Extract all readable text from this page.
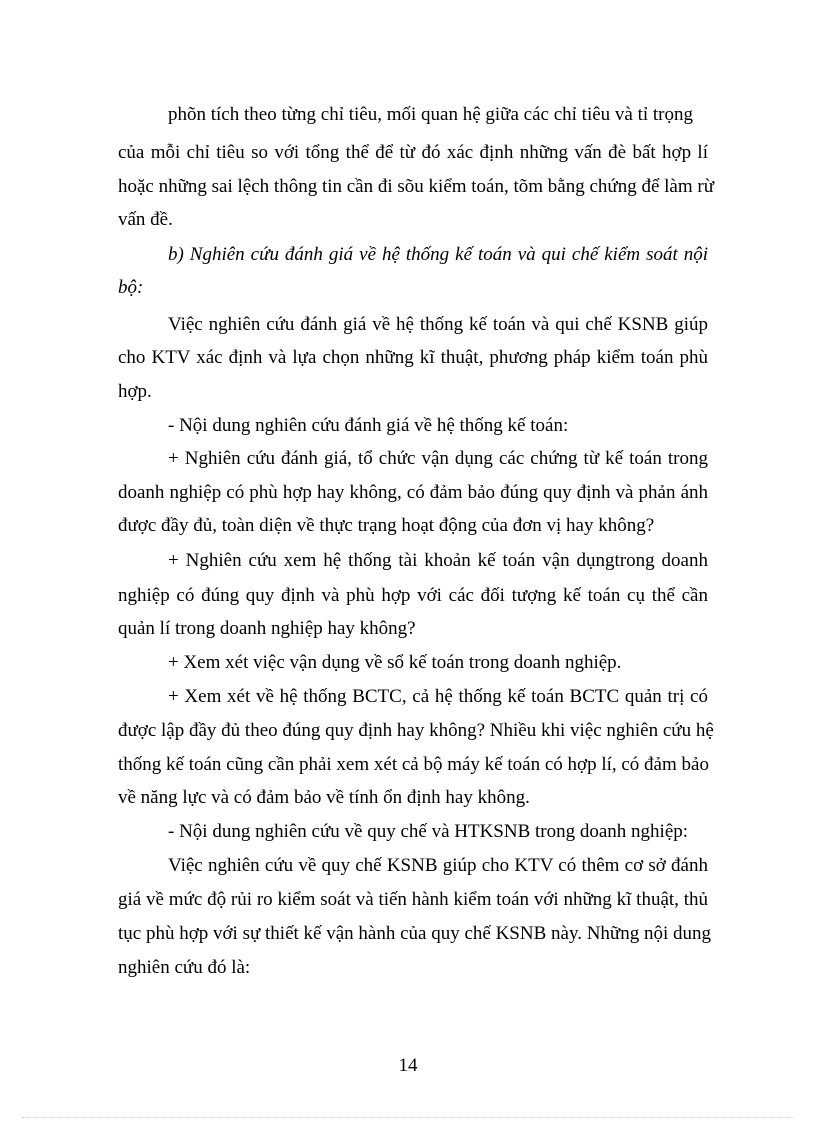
phõn tích theo từng chỉ tiêu, mối quan hệ giữa các chỉ tiêu và tỉ trọng
của mỗi chỉ tiêu so với tổng thể để từ đó xác định những vấn đè bất hợp lí
hoặc những sai lệch thông tin cần đi sõu kiểm toán, tõm bằng chứng để làm rừ
vấn đề.
b) Nghiên cứu đánh giá về hệ thống kế toán và qui chế kiểm soát nội
bộ:
Việc nghiên cứu đánh giá về hệ thống kế toán và qui chế KSNB giúp
cho KTV xác định và lựa chọn những kĩ thuật, phương pháp kiểm toán phù
hợp.
- Nội dung nghiên cứu đánh giá về hệ thống kế toán:
+ Nghiên cứu đánh giá, tổ chức vận dụng các chứng từ kế toán trong
doanh nghiệp có phù hợp hay không, có đảm bảo đúng quy định và phản ánh
được đầy đủ, toàn diện về thực trạng hoạt động của đơn vị hay không?
+ Nghiên cứu xem hệ thống tài khoản kế toán vận dụngtrong doanh
nghiệp có đúng quy định và phù hợp với các đối tượng kế toán cụ thể cần
quản lí trong doanh nghiệp hay không?
+ Xem xét việc vận dụng về sổ kế toán trong doanh nghiệp.
+ Xem xét về hệ thống BCTC, cả hệ thống kế toán BCTC quản trị có
được lập đầy đủ theo đúng quy định hay không? Nhiều khi việc nghiên cứu hệ
thống kế toán cũng cần phải xem xét cả bộ máy kế toán có hợp lí, có đảm bảo
về năng lực và có đảm bảo về tính ổn định hay không.
- Nội dung nghiên cứu về quy chế và HTKSNB trong doanh nghiệp:
Việc nghiên cứu về quy chế KSNB giúp cho KTV có thêm cơ sở đánh
giá về mức độ rủi ro kiểm soát và tiến hành kiểm toán với những kĩ thuật, thủ
tục phù hợp với sự thiết kế vận hành của quy chế KSNB này. Những nội dung
nghiên cứu đó là:
14
